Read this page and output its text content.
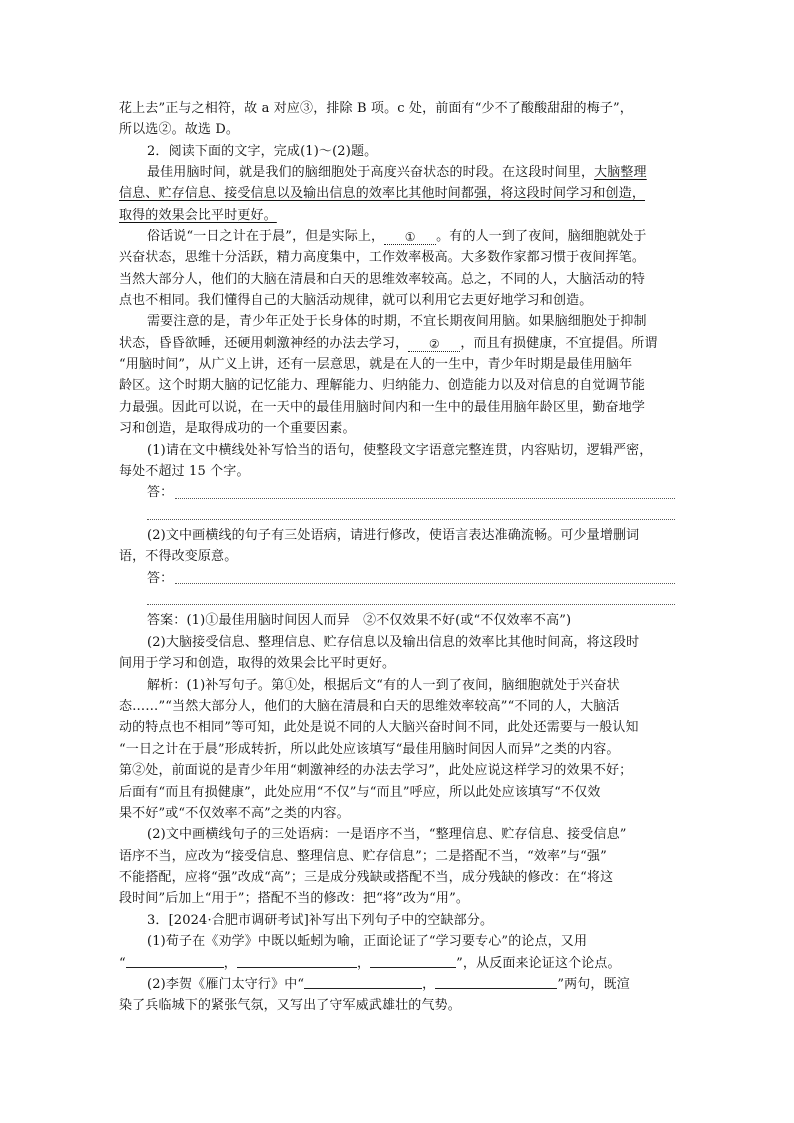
花上去”正与之相符，故 a 对应③，排除 B 项。c 处，前面有“少不了酸酸甜甜的梅子”，
所以选②。故选 D。
2．阅读下面的文字，完成(1)～(2)题。
最佳用脑时间，就是我们的脑细胞处于高度兴奋状态的时段。在这段时间里，大脑整理
信息、贮存信息、接受信息以及输出信息的效率比其他时间都强，将这段时间学习和创造，
取得的效果会比平时更好。
俗话说“一日之计在于晨”，但是实际上， ① 。有的人一到了夜间，脑细胞就处于
兴奋状态，思维十分活跃，精力高度集中，工作效率极高。大多数作家都习惯于夜间挥笔。
当然大部分人，他们的大脑在清晨和白天的思维效率较高。总之，不同的人，大脑活动的特
点也不相同。我们懂得自己的大脑活动规律，就可以利用它去更好地学习和创造。
需要注意的是，青少年正处于长身体的时期，不宜长期夜间用脑。如果脑细胞处于抑制
状态，昏昏欲睡，还硬用刺激神经的办法去学习， ② ，而且有损健康，不宜提倡。所谓
“用脑时间”，从广义上讲，还有一层意思，就是在人的一生中，青少年时期是最佳用脑年
龄区。这个时期大脑的记忆能力、理解能力、归纳能力、创造能力以及对信息的自觉调节能
力最强。因此可以说，在一天中的最佳用脑时间内和一生中的最佳用脑年龄区里，勤奋地学
习和创造，是取得成功的一个重要因素。
(1)请在文中横线处补写恰当的语句，使整段文字语意完整连贯，内容贴切，逻辑严密，
每处不超过 15 个字。
答：
(2)文中画横线的句子有三处语病，请进行修改，使语言表达准确流畅。可少量增删词
语，不得改变原意。
答：
答案：(1)①最佳用脑时间因人而异　②不仅效果不好(或“不仅效率不高”)
(2)大脑接受信息、整理信息、贮存信息以及输出信息的效率比其他时间高，将这段时
间用于学习和创造，取得的效果会比平时更好。
解析：(1)补写句子。第①处，根据后文“有的人一到了夜间，脑细胞就处于兴奋状
态……”“当然大部分人，他们的大脑在清晨和白天的思维效率较高”“不同的人，大脑活
动的特点也不相同”等可知，此处是说不同的人大脑兴奋时间不同，此处还需要与一般认知
“一日之计在于晨”形成转折，所以此处应该填写“最佳用脑时间因人而异”之类的内容。
第②处，前面说的是青少年用“刺激神经的办法去学习”，此处应说这样学习的效果不好；
后面有“而且有损健康”，此处应用“不仅”与“而且”呼应，所以此处应该填写“不仅效
果不好”或“不仅效率不高”之类的内容。
(2)文中画横线句子的三处语病：一是语序不当，“整理信息、贮存信息、接受信息”
语序不当，应改为“接受信息、整理信息、贮存信息”；二是搭配不当，“效率”与“强”
不能搭配，应将“强”改成“高”；三是成分残缺或搭配不当，成分残缺的修改：在“将这
段时间”后加上“用于”；搭配不当的修改：把“将”改为“用”。
3．[2024·合肥市调研考试]补写出下列句子中的空缺部分。
(1)荀子在《劝学》中既以蚯蚓为喻，正面论证了“学习要专心”的论点，又用
“	，	，	”，从反面来论证这个论点。
(2)李贺《雁门太守行》中“	，	”两句，既渲
染了兵临城下的紧张气氛，又写出了守军威武雄壮的气势。
